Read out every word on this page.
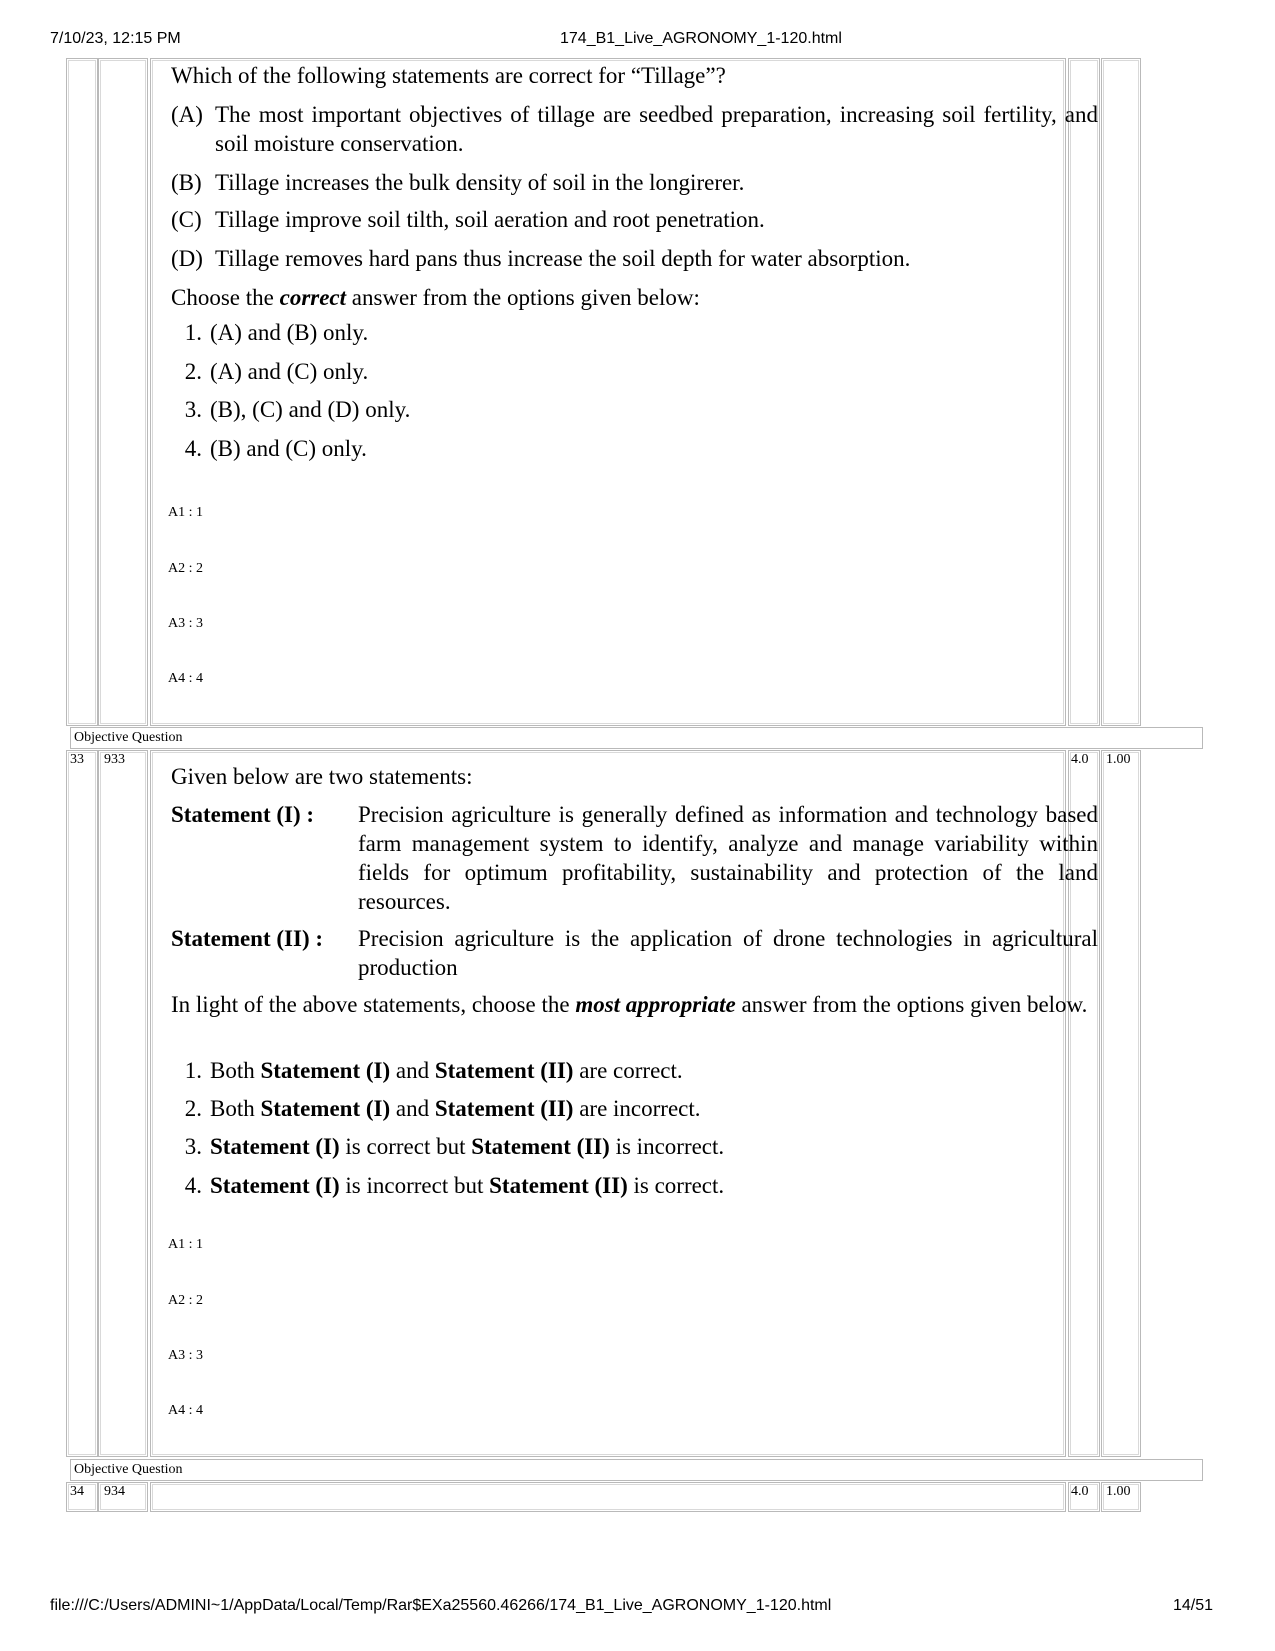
7/10/23, 12:15 PM	174_B1_Live_AGRONOMY_1-120.html
Which of the following statements are correct for “Tillage”?
(A) The most important objectives of tillage are seedbed preparation, increasing soil fertility, and soil moisture conservation.
(B) Tillage increases the bulk density of soil in the longirerer.
(C) Tillage improve soil tilth, soil aeration and root penetration.
(D) Tillage removes hard pans thus increase the soil depth for water absorption.
Choose the correct answer from the options given below:
1. (A) and (B) only.
2. (A) and (C) only.
3. (B), (C) and (D) only.
4. (B) and (C) only.
A1 : 1
A2 : 2
A3 : 3
A4 : 4
Objective Question
33 933	4.0 1.00
Given below are two statements:
Statement (I) : Precision agriculture is generally defined as information and technology based farm management system to identify, analyze and manage variability within fields for optimum profitability, sustainability and protection of the land resources.
Statement (II) : Precision agriculture is the application of drone technologies in agricultural production
In light of the above statements, choose the most appropriate answer from the options given below.
1. Both Statement (I) and Statement (II) are correct.
2. Both Statement (I) and Statement (II) are incorrect.
3. Statement (I) is correct but Statement (II) is incorrect.
4. Statement (I) is incorrect but Statement (II) is correct.
A1 : 1
A2 : 2
A3 : 3
A4 : 4
Objective Question
34 934	4.0 1.00
file:///C:/Users/ADMINI~1/AppData/Local/Temp/Rar$EXa25560.46266/174_B1_Live_AGRONOMY_1-120.html	14/51
